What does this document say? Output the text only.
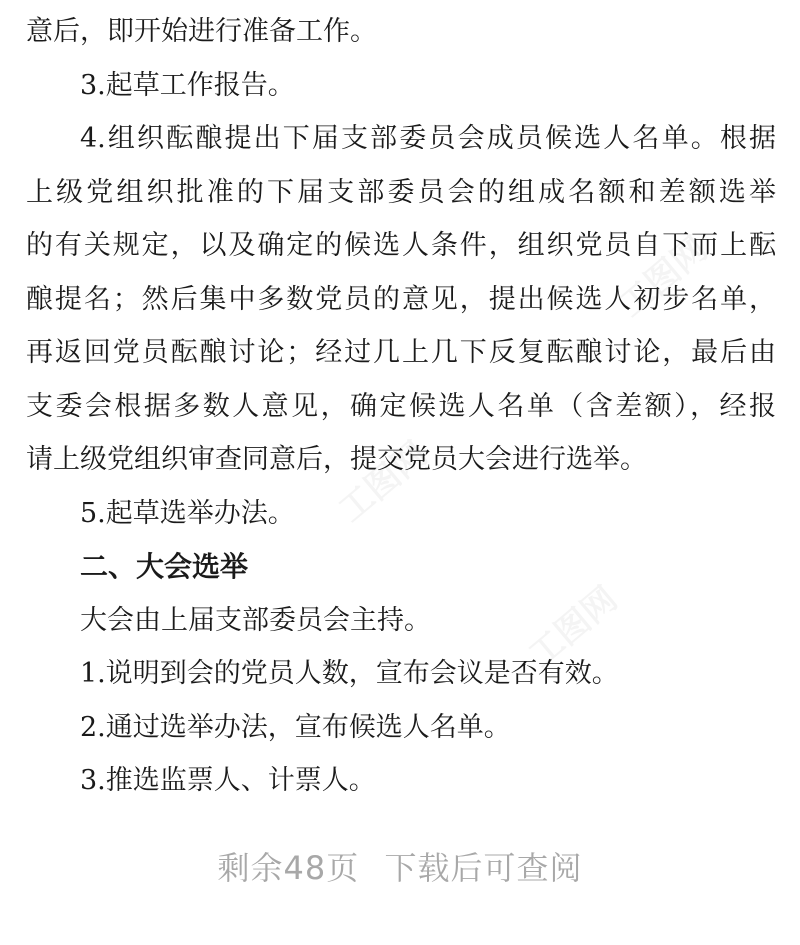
意后，即开始进行准备工作。
3.起草工作报告。
4.组织酝酿提出下届支部委员会成员候选人名单。根据
上级党组织批准的下届支部委员会的组成名额和差额选举
的有关规定，以及确定的候选人条件，组织党员自下而上酝
酿提名；然后集中多数党员的意见，提出候选人初步名单，
再返回党员酝酿讨论；经过几上几下反复酝酿讨论，最后由
支委会根据多数人意见，确定候选人名单（含差额），经报
请上级党组织审查同意后，提交党员大会进行选举。
5.起草选举办法。
二、大会选举
大会由上届支部委员会主持。
1.说明到会的党员人数，宣布会议是否有效。
2.通过选举办法，宣布候选人名单。
3.推选监票人、计票人。
剩余48页 下载后可查阅
